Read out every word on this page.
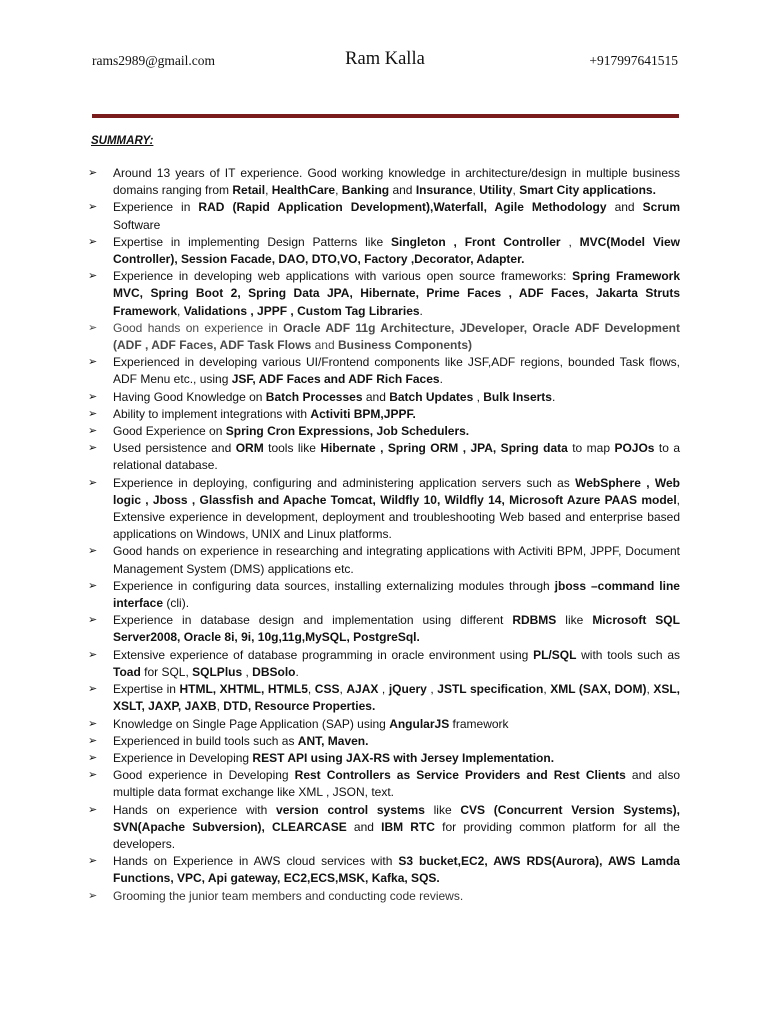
rams2989@gmail.com	Ram Kalla	+917997641515
SUMMARY:
➢ Around 13 years of IT experience. Good working knowledge in architecture/design in multiple business domains ranging from Retail, HealthCare, Banking and Insurance, Utility, Smart City applications.
➢ Experience in RAD (Rapid Application Development),Waterfall, Agile Methodology and Scrum Software
➢ Expertise in implementing Design Patterns like Singleton , Front Controller , MVC(Model View Controller), Session Facade, DAO, DTO,VO, Factory ,Decorator, Adapter.
➢ Experience in developing web applications with various open source frameworks: Spring Framework MVC, Spring Boot 2, Spring Data JPA, Hibernate, Prime Faces , ADF Faces, Jakarta Struts Framework, Validations , JPPF , Custom Tag Libraries.
➢ Good hands on experience in Oracle ADF 11g Architecture, JDeveloper, Oracle ADF Development (ADF , ADF Faces, ADF Task Flows and Business Components)
➢ Experienced in developing various UI/Frontend components like JSF,ADF regions, bounded Task flows, ADF Menu etc., using JSF, ADF Faces and ADF Rich Faces.
➢ Having Good Knowledge on Batch Processes and Batch Updates , Bulk Inserts.
➢ Ability to implement integrations with Activiti BPM,JPPF.
➢ Good Experience on Spring Cron Expressions, Job Schedulers.
➢ Used persistence and ORM tools like Hibernate , Spring ORM , JPA, Spring data to map POJOs to a relational database.
➢ Experience in deploying, configuring and administering application servers such as WebSphere , Web logic , Jboss , Glassfish and Apache Tomcat, Wildfly 10, Wildfly 14, Microsoft Azure PAAS model, Extensive experience in development, deployment and troubleshooting Web based and enterprise based applications on Windows, UNIX and Linux platforms.
➢ Good hands on experience in researching and integrating applications with Activiti BPM, JPPF, Document Management System (DMS) applications etc.
➢ Experience in configuring data sources, installing externalizing modules through jboss –command line interface (cli).
➢ Experience in database design and implementation using different RDBMS like Microsoft SQL Server2008, Oracle 8i, 9i, 10g,11g,MySQL, PostgreSql.
➢ Extensive experience of database programming in oracle environment using PL/SQL with tools such as Toad for SQL, SQLPlus , DBSolo.
➢ Expertise in HTML, XHTML, HTML5, CSS, AJAX , jQuery , JSTL specification, XML (SAX, DOM), XSL, XSLT, JAXP, JAXB, DTD, Resource Properties.
➢ Knowledge on Single Page Application (SAP) using AngularJS framework
➢ Experienced in build tools such as ANT, Maven.
➢ Experience in Developing REST API using JAX-RS with Jersey Implementation.
➢ Good experience in Developing Rest Controllers as Service Providers and Rest Clients and also multiple data format exchange like XML , JSON, text.
➢ Hands on experience with version control systems like CVS (Concurrent Version Systems), SVN(Apache Subversion), CLEARCASE and IBM RTC for providing common platform for all the developers.
➢ Hands on Experience in AWS cloud services with S3 bucket,EC2, AWS RDS(Aurora), AWS Lamda Functions, VPC, Api gateway, EC2,ECS,MSK, Kafka, SQS.
➢ Grooming the junior team members and conducting code reviews.
